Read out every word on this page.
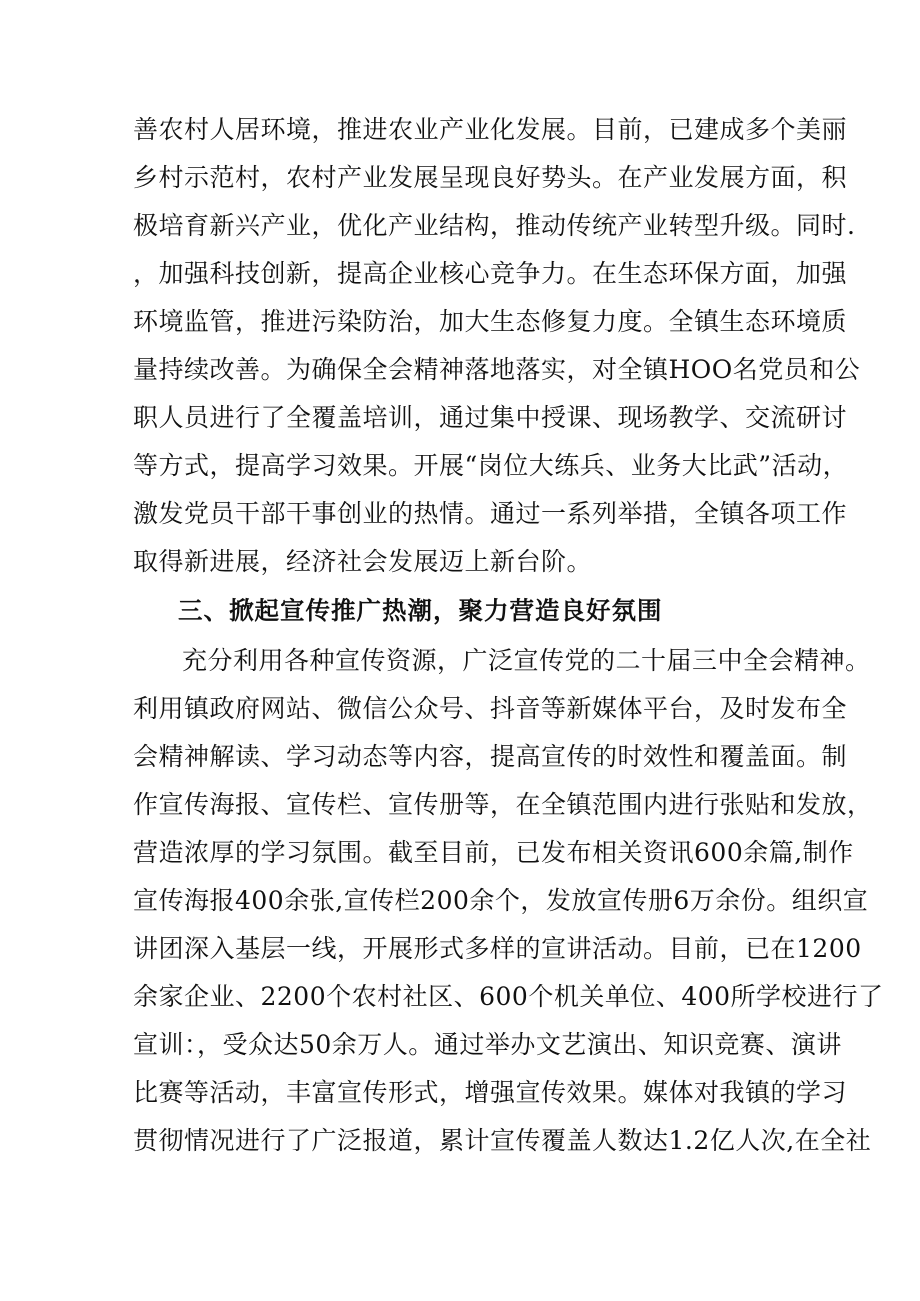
善农村人居环境，推进农业产业化发展。目前，已建成多个美丽
乡村示范村，农村产业发展呈现良好势头。在产业发展方面，积
极培育新兴产业，优化产业结构，推动传统产业转型升级。同时.
，加强科技创新，提高企业核心竞争力。在生态环保方面，加强
环境监管，推进污染防治，加大生态修复力度。全镇生态环境质
量持续改善。为确保全会精神落地落实，对全镇HOO名党员和公
职人员进行了全覆盖培训，通过集中授课、现场教学、交流研讨
等方式，提高学习效果。开展“岗位大练兵、业务大比武”活动，
激发党员干部干事创业的热情。通过一系列举措，全镇各项工作
取得新进展，经济社会发展迈上新台阶。
三、掀起宣传推广热潮，聚力营造良好氛围
充分利用各种宣传资源，广泛宣传党的二十届三中全会精神。
利用镇政府网站、微信公众号、抖音等新媒体平台，及时发布全
会精神解读、学习动态等内容，提高宣传的时效性和覆盖面。制
作宣传海报、宣传栏、宣传册等，在全镇范围内进行张贴和发放，
营造浓厚的学习氛围。截至目前，已发布相关资讯600余篇,制作
宣传海报400余张,宣传栏200余个，发放宣传册6万余份。组织宣
讲团深入基层一线，开展形式多样的宣讲活动。目前，已在1200
余家企业、2200个农村社区、600个机关单位、400所学校进行了
宣训：，受众达50余万人。通过举办文艺演出、知识竞赛、演讲
比赛等活动，丰富宣传形式，增强宣传效果。媒体对我镇的学习
贯彻情况进行了广泛报道，累计宣传覆盖人数达1.2亿人次,在全社
